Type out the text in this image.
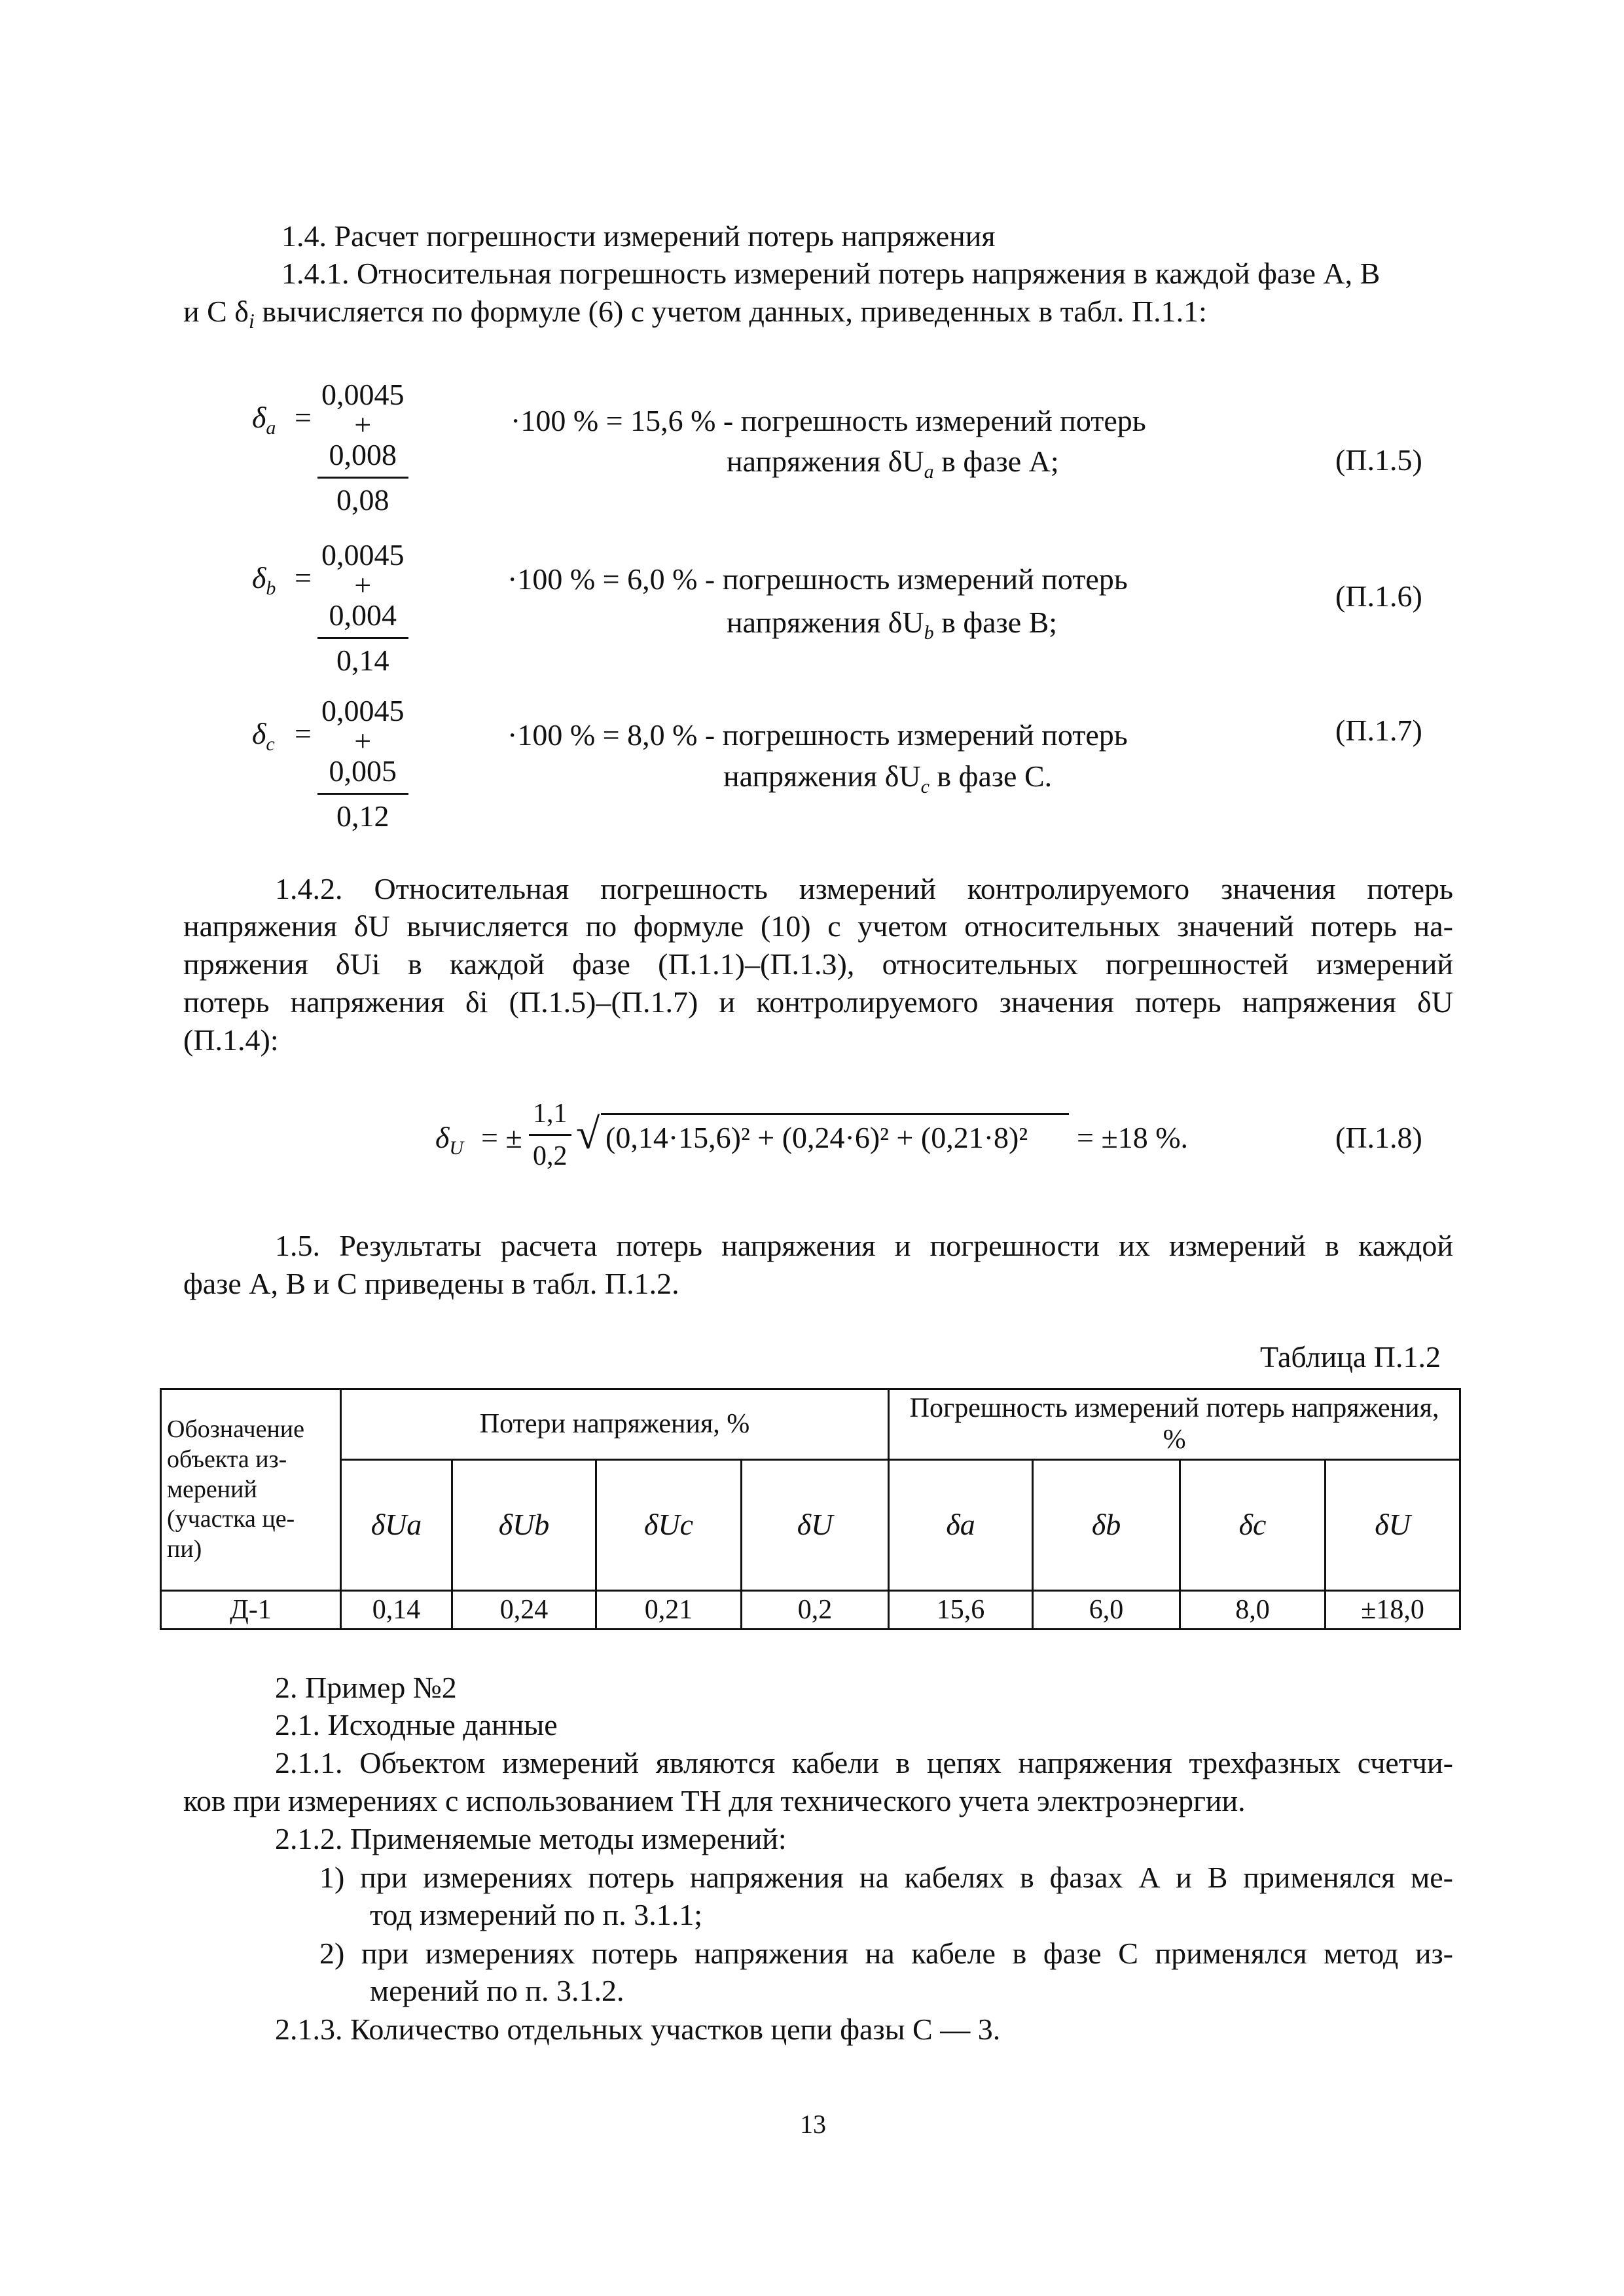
1.4. Расчет погрешности измерений потерь напряжения
1.4.1. Относительная погрешность измерений потерь напряжения в каждой фазе А, В
и С $\delta_i$ вычисляется по формуле (6) с учетом данных, приведенных в табл. П.1.1:
$\delta_a = \frac{0,0045 + 0,008}{0,08}$	·100 % = 15,6 % - погрешность измерений потерь
напряжения $\delta U_a$ в фазе А;	(П.1.5)
$\delta_b = \frac{0,0045 + 0,004}{0,14}$	·100 % = 6,0 % - погрешность измерений потерь
напряжения $\delta U_b$ в фазе В;
(П.1.6)
$\delta_c = \frac{0,0045 + 0,005}{0,12}$	·100 % = 8,0 % - погрешность измерений потерь
напряжения $\delta U_c$ в фазе С.
(П.1.7)
1.4.2. Относительная погрешность измерений контролируемого значения потерь
напряжения δU вычисляется по формуле (10) с учетом относительных значений потерь на-
пряжения δUi в каждой фазе (П.1.1)–(П.1.3), относительных погрешностей измерений
потерь напряжения δi (П.1.5)–(П.1.7) и контролируемого значения потерь напряжения δU
(П.1.4):
$\delta_U$ = ± $\frac{1,1}{0,2}$ √ (0,14·15,6)² + (0,24·6)² + (0,21·8)² = ±18 %.	(П.1.8)
1.5. Результаты расчета потерь напряжения и погрешности их измерений в каждой
фазе А, В и С приведены в табл. П.1.2.
Таблица П.1.2
Обозначение объекта из- мерений (участка це- пи)	Потери напряжения, %				Погрешность измерений потерь напряжения, %			
	δUa	δUb	δUc	δU	δa	δb	δc	δU
Д-1	0,14	0,24	0,21	0,2	15,6	6,0	8,0	±18,0
2. Пример №2
2.1. Исходные данные
2.1.1. Объектом измерений являются кабели в цепях напряжения трехфазных счетчи-
ков при измерениях с использованием ТН для технического учета электроэнергии.
2.1.2. Применяемые методы измерений:
1) при измерениях потерь напряжения на кабелях в фазах А и В применялся ме-
тод измерений по п. 3.1.1;
2) при измерениях потерь напряжения на кабеле в фазе С применялся метод из-
мерений по п. 3.1.2.
2.1.3. Количество отдельных участков цепи фазы С — 3.
13
